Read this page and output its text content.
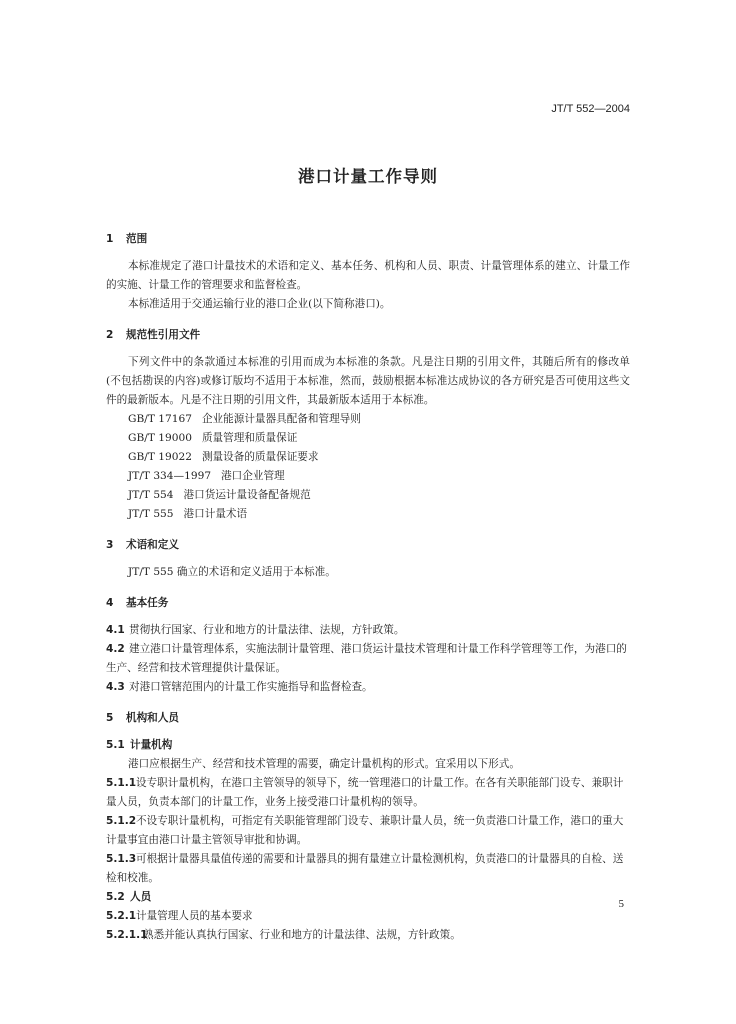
JT/T 552—2004
港口计量工作导则
1 范围
本标准规定了港口计量技术的术语和定义、基本任务、机构和人员、职责、计量管理体系的建立、计量工作的实施、计量工作的管理要求和监督检查。
本标准适用于交通运输行业的港口企业(以下简称港口)。
2 规范性引用文件
下列文件中的条款通过本标准的引用而成为本标准的条款。凡是注日期的引用文件，其随后所有的修改单(不包括勘误的内容)或修订版均不适用于本标准，然而，鼓励根据本标准达成协议的各方研究是否可使用这些文件的最新版本。凡是不注日期的引用文件，其最新版本适用于本标准。
GB/T 17167 企业能源计量器具配备和管理导则
GB/T 19000 质量管理和质量保证
GB/T 19022 测量设备的质量保证要求
JT/T 334—1997 港口企业管理
JT/T 554 港口货运计量设备配备规范
JT/T 555 港口计量术语
3 术语和定义
JT/T 555 确立的术语和定义适用于本标准。
4 基本任务
4.1 贯彻执行国家、行业和地方的计量法律、法规，方针政策。
4.2 建立港口计量管理体系，实施法制计量管理、港口货运计量技术管理和计量工作科学管理等工作，为港口的生产、经营和技术管理提供计量保证。
4.3 对港口管辖范围内的计量工作实施指导和监督检查。
5 机构和人员
5.1 计量机构
港口应根据生产、经营和技术管理的需要，确定计量机构的形式。宜采用以下形式。
5.1.1设专职计量机构，在港口主管领导的领导下，统一管理港口的计量工作。在各有关职能部门设专、兼职计量人员，负责本部门的计量工作，业务上接受港口计量机构的领导。
5.1.2不设专职计量机构，可指定有关职能管理部门设专、兼职计量人员，统一负责港口计量工作，港口的重大计量事宜由港口计量主管领导审批和协调。
5.1.3可根据计量器具量值传递的需要和计量器具的拥有量建立计量检测机构，负责港口的计量器具的自检、送检和校准。
5.2 人员
5.2.1计量管理人员的基本要求
5.2.1.1熟悉并能认真执行国家、行业和地方的计量法律、法规，方针政策。
5
